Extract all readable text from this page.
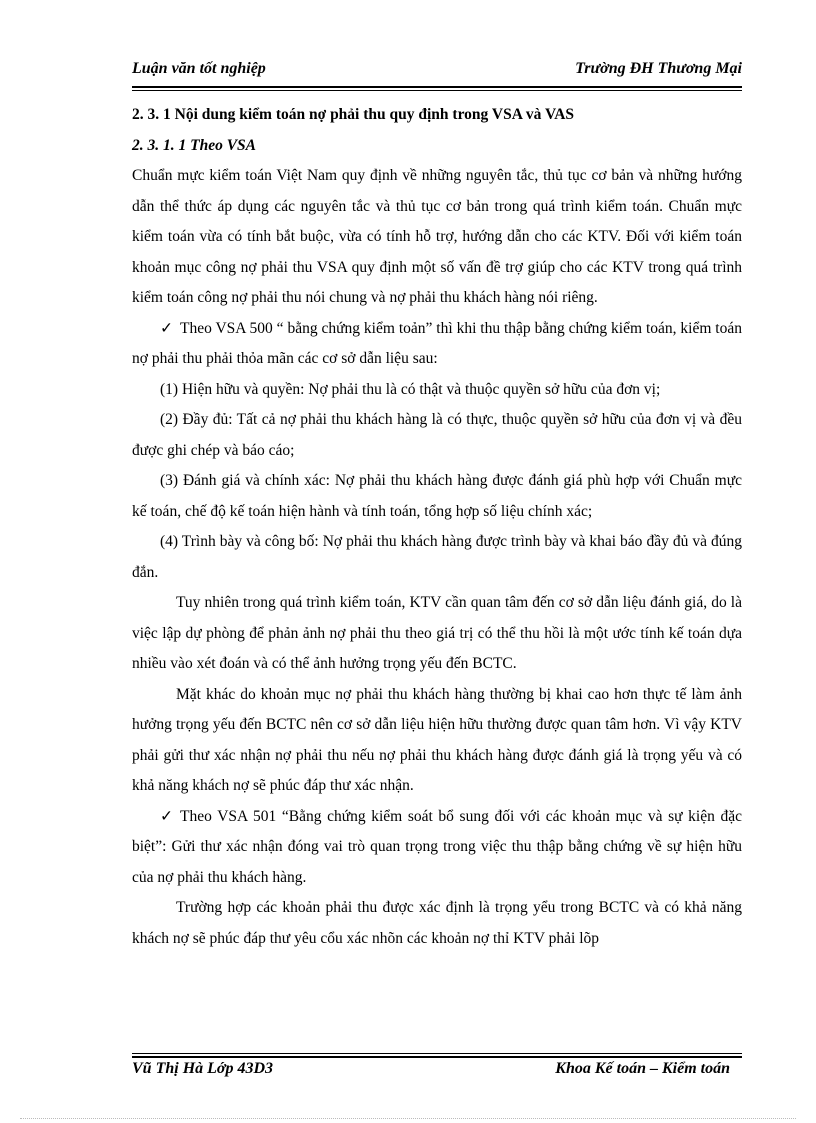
Luận văn tốt nghiệp	Trường ĐH Thương Mại

2. 3. 1 Nội dung kiểm toán nợ phải thu quy định trong VSA và VAS

2. 3. 1. 1 Theo VSA

Chuẩn mực kiểm toán Việt Nam quy định về những nguyên tắc, thủ tục cơ bản và những hướng dẫn thể thức áp dụng các nguyên tắc và thủ tục cơ bản trong quá trình kiểm toán. Chuẩn mực kiểm toán vừa có tính bắt buộc, vừa có tính hỗ trợ, hướng dẫn cho các KTV. Đối với kiểm toán khoản mục công nợ phải thu VSA quy định một số vấn đề trợ giúp cho các KTV trong quá trình kiểm toán công nợ phải thu nói chung và nợ phải thu khách hàng nói riêng.

✓ Theo VSA 500 “ bằng chứng kiểm toản” thì khi thu thập bằng chứng kiểm toán, kiểm toán nợ phải thu phải thỏa mãn các cơ sở dẫn liệu sau:

(1) Hiện hữu và quyền: Nợ phải thu là có thật và thuộc quyền sở hữu của đơn vị;

(2) Đầy đủ: Tất cả nợ phải thu khách hàng là có thực, thuộc quyền sở hữu của đơn vị và đều được ghi chép và báo cáo;

(3) Đánh giá và chính xác: Nợ phải thu khách hàng được đánh giá phù hợp với Chuẩn mực kế toán, chế độ kế toán hiện hành và tính toán, tổng hợp số liệu chính xác;

(4) Trình bày và công bố: Nợ phải thu khách hàng được trình bày và khai báo đầy đủ và đúng đắn.

Tuy nhiên trong quá trình kiểm toán, KTV cần quan tâm đến cơ sở dẫn liệu đánh giá, do là việc lập dự phòng để phản ảnh nợ phải thu theo giá trị có thể thu hồi là một ước tính kế toán dựa nhiều vào xét đoán và có thể ảnh hưởng trọng yếu đến BCTC.

Mặt khác do khoản mục nợ phải thu khách hàng thường bị khai cao hơn thực tế làm ảnh hưởng trọng yếu đến BCTC nên cơ sở dẫn liệu hiện hữu thường được quan tâm hơn. Vì vậy KTV phải gửi thư xác nhận nợ phải thu nếu nợ phải thu khách hàng được đánh giá là trọng yếu và có khả năng khách nợ sẽ phúc đáp thư xác nhận.

✓ Theo VSA 501 “Bằng chứng kiểm soát bổ sung đối với các khoản mục và sự kiện đặc biệt”: Gửi thư xác nhận đóng vai trò quan trọng trong việc thu thập bằng chứng về sự hiện hữu của nợ phải thu khách hàng.

Trường hợp các khoản phải thu được xác định là trọng yểu trong BCTC và có khả năng khách nợ sẽ phúc đáp thư yêu cổu xác nhõn các khoản nợ thỉ KTV phải lõp

Vũ Thị Hà Lớp 43D3	Khoa Kế toán – Kiểm toán
